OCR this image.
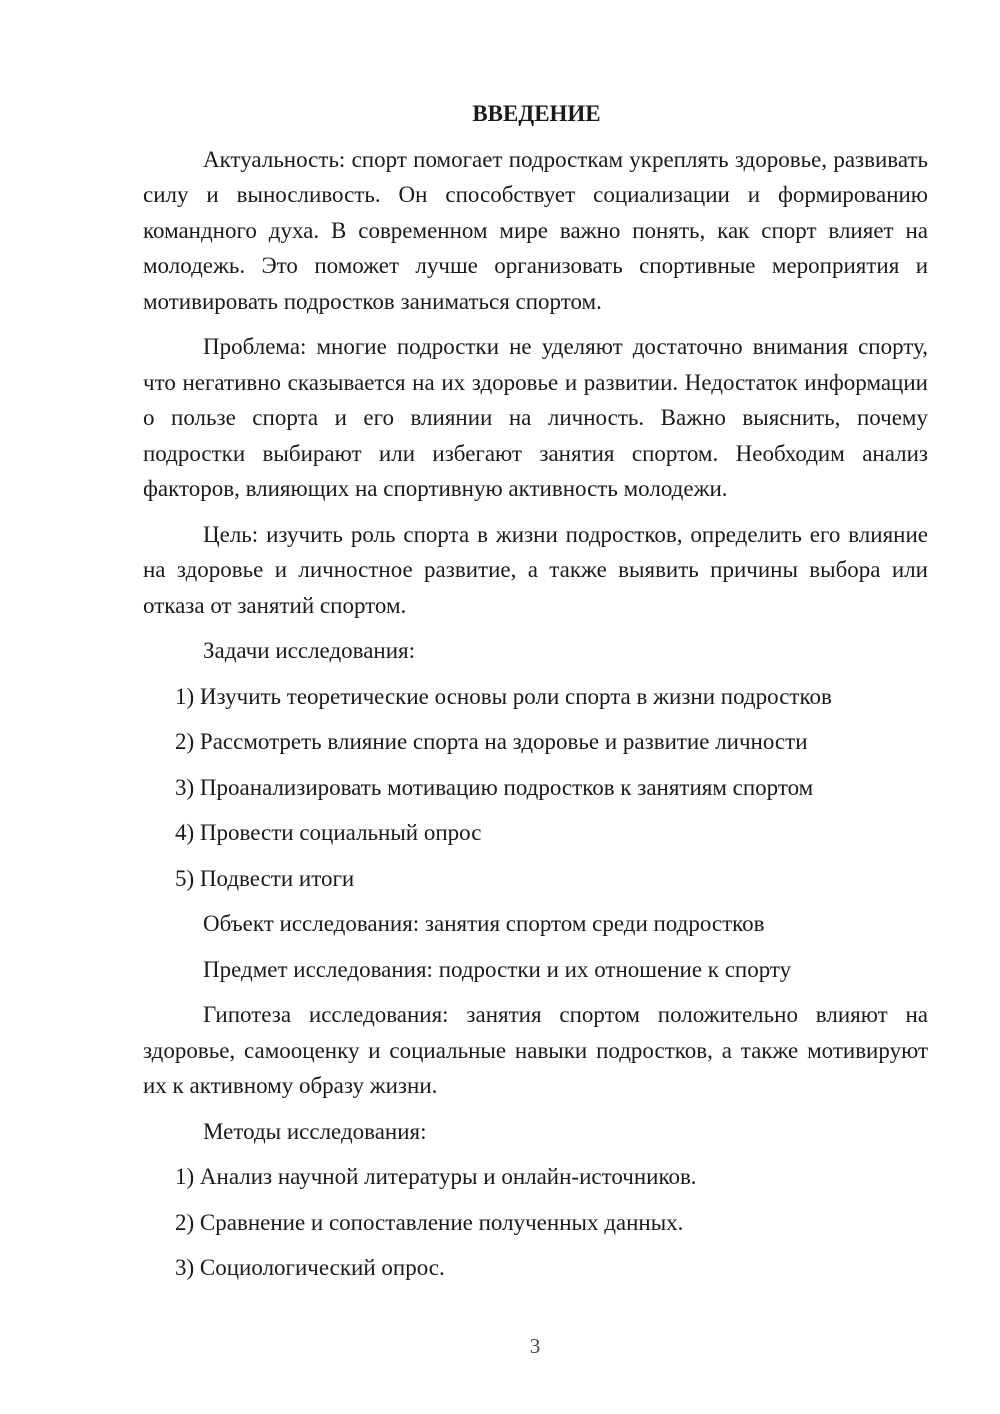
ВВЕДЕНИЕ
Актуальность: спорт помогает подросткам укреплять здоровье, развивать силу и выносливость. Он способствует социализации и формированию командного духа. В современном мире важно понять, как спорт влияет на молодежь. Это поможет лучше организовать спортивные мероприятия и мотивировать подростков заниматься спортом.
Проблема: многие подростки не уделяют достаточно внимания спорту, что негативно сказывается на их здоровье и развитии. Недостаток информации о пользе спорта и его влиянии на личность. Важно выяснить, почему подростки выбирают или избегают занятия спортом. Необходим анализ факторов, влияющих на спортивную активность молодежи.
Цель: изучить роль спорта в жизни подростков, определить его влияние на здоровье и личностное развитие, а также выявить причины выбора или отказа от занятий спортом.
Задачи исследования:
1) Изучить теоретические основы роли спорта в жизни подростков
2) Рассмотреть влияние спорта на здоровье и развитие личности
3) Проанализировать мотивацию подростков к занятиям спортом
4) Провести социальный опрос
5) Подвести итоги
Объект исследования: занятия спортом среди подростков
Предмет исследования: подростки и их отношение к спорту
Гипотеза исследования: занятия спортом положительно влияют на здоровье, самооценку и социальные навыки подростков, а также мотивируют их к активному образу жизни.
Методы исследования:
1) Анализ научной литературы и онлайн-источников.
2) Сравнение и сопоставление полученных данных.
3) Социологический опрос.
3
